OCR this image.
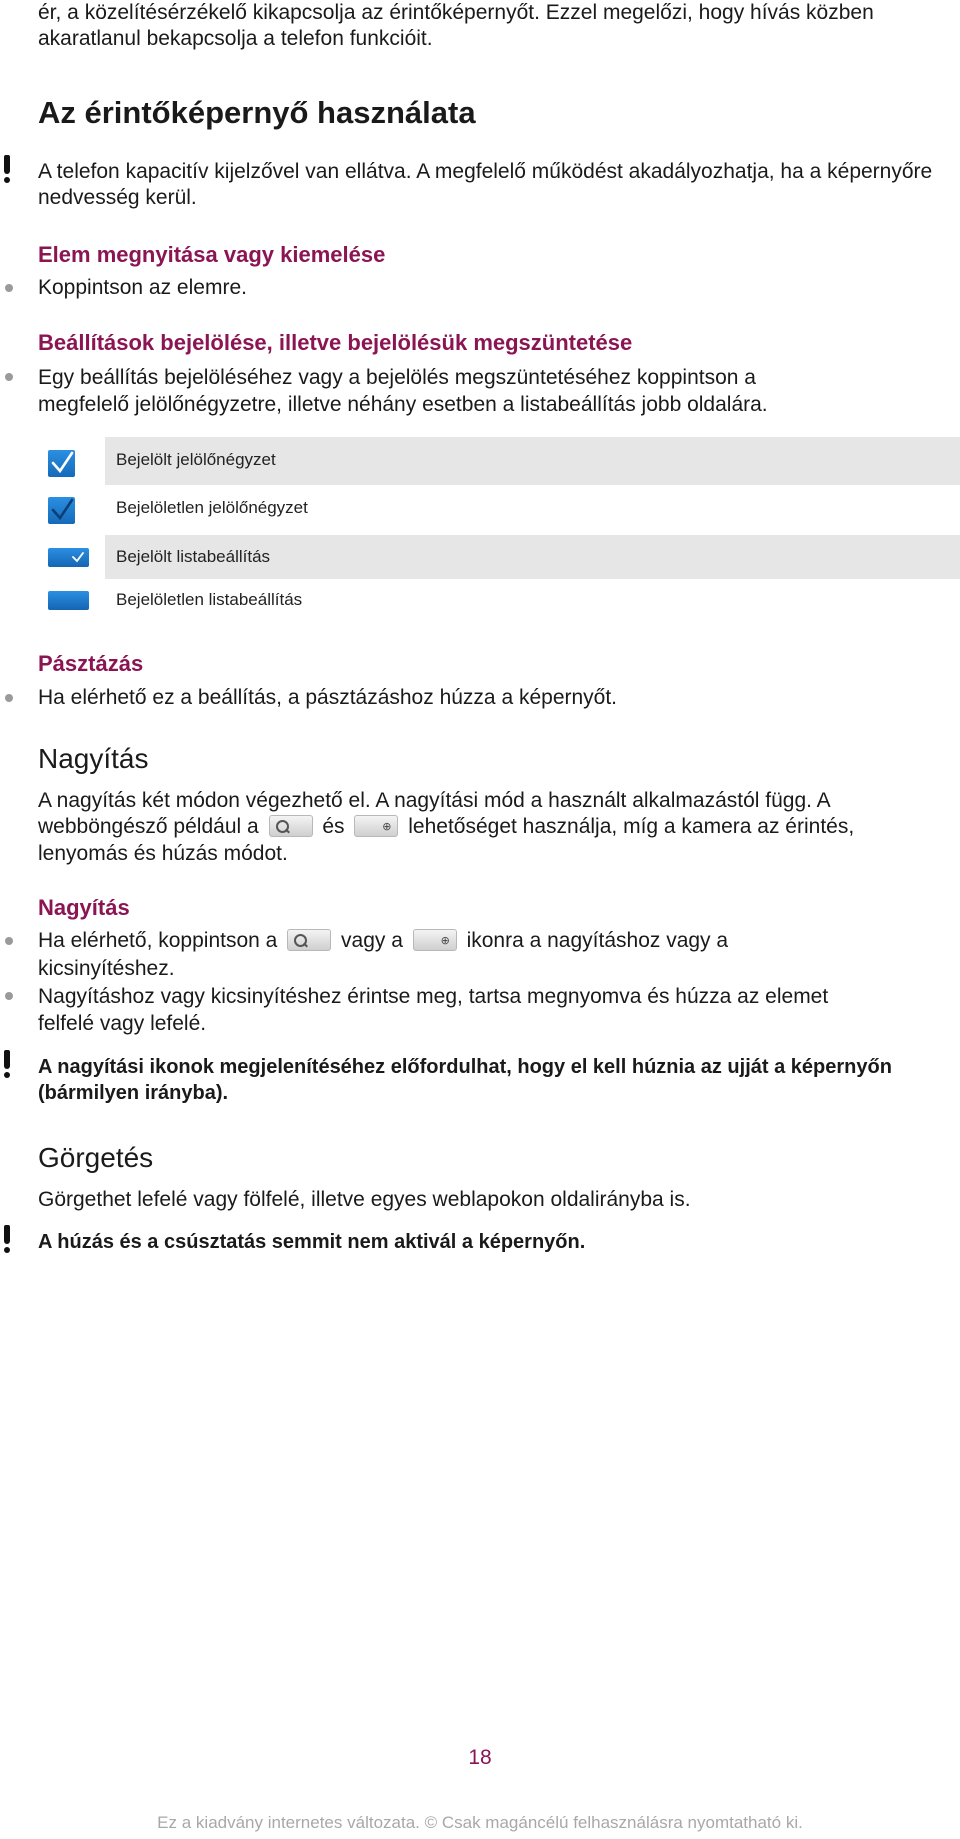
ér, a közelítésérzékelő kikapcsolja az érintőképernyőt. Ezzel megelőzi, hogy hívás közben
akaratlanul bekapcsolja a telefon funkcióit.
Az érintőképernyő használata
A telefon kapacitív kijelzővel van ellátva. A megfelelő működést akadályozhatja, ha a képernyőre
nedvesség kerül.
Elem megnyitása vagy kiemelése
Koppintson az elemre.
Beállítások bejelölése, illetve bejelölésük megszüntetése
Egy beállítás bejelöléséhez vagy a bejelölés megszüntetéséhez koppintson a
megfelelő jelölőnégyzetre, illetve néhány esetben a listabeállítás jobb oldalára.
Bejelölt jelölőnégyzet
Bejelöletlen jelölőnégyzet
Bejelölt listabeállítás
Bejelöletlen listabeállítás
Pásztázás
Ha elérhető ez a beállítás, a pásztázáshoz húzza a képernyőt.
Nagyítás
A nagyítás két módon végezhető el. A nagyítási mód a használt alkalmazástól függ. A
webböngésző például a	és	⊕ lehetőséget használja, míg a kamera az érintés,
lenyomás és húzás módot.
Nagyítás
Ha elérhető, koppintson a	vagy a	⊕ ikonra a nagyításhoz vagy a
kicsinyítéshez.
Nagyításhoz vagy kicsinyítéshez érintse meg, tartsa megnyomva és húzza az elemet
felfelé vagy lefelé.
A nagyítási ikonok megjelenítéséhez előfordulhat, hogy el kell húznia az ujját a képernyőn
(bármilyen irányba).
Görgetés
Görgethet lefelé vagy fölfelé, illetve egyes weblapokon oldalirányba is.
A húzás és a csúsztatás semmit nem aktivál a képernyőn.
18
Ez a kiadvány internetes változata. © Csak magáncélú felhasználásra nyomtatható ki.
